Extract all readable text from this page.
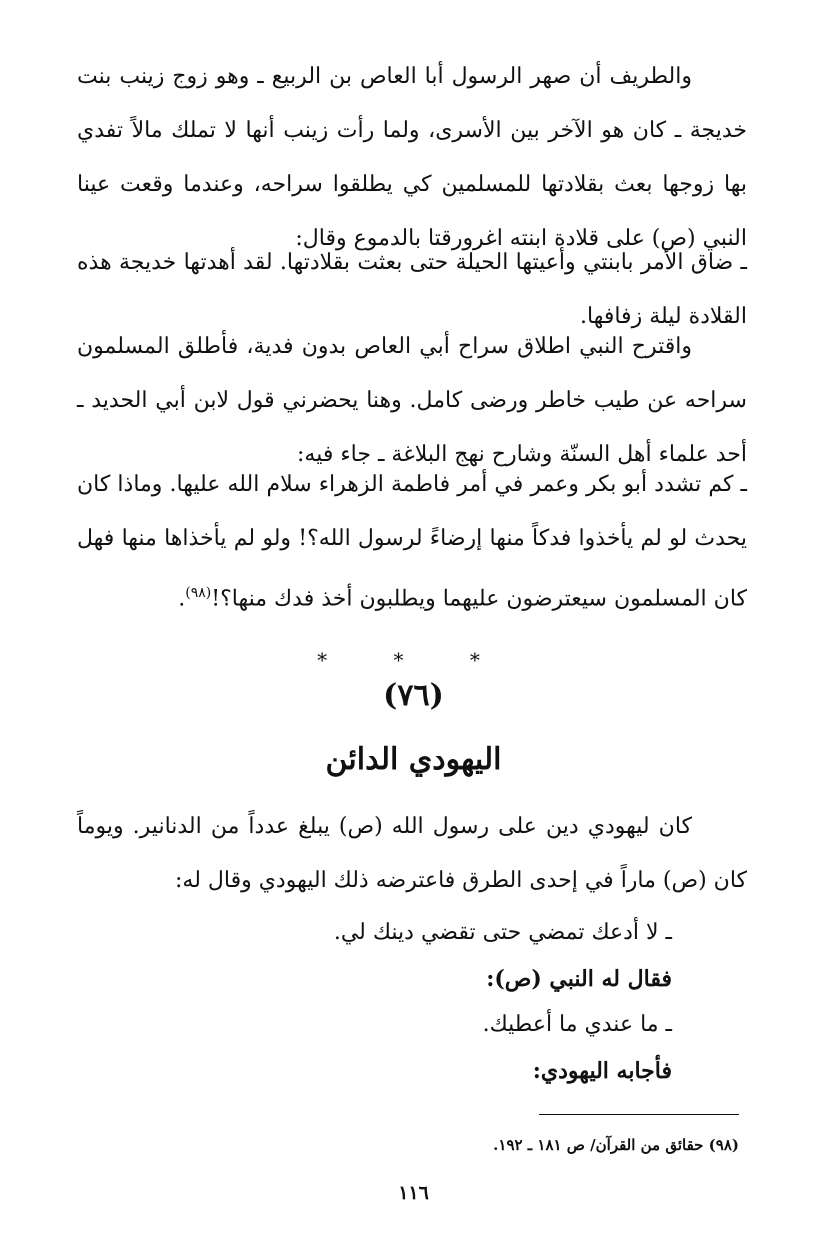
والطريف أن صهر الرسول أبا العاص بن الربيع ـ وهو زوج زينب بنت خديجة ـ كان هو الآخر بين الأسرى، ولما رأت زينب أنها لا تملك مالاً تفدي بها زوجها بعث بقلادتها للمسلمين كي يطلقوا سراحه، وعندما وقعت عينا النبي (ص) على قلادة ابنته اغرورقتا بالدموع وقال:

ـ ضاق الأمر بابنتي وأعيتها الحيلة حتى بعثت بقلادتها. لقد أهدتها خديجة هذه القلادة ليلة زفافها.

واقترح النبي اطلاق سراح أبي العاص بدون فدية، فأطلق المسلمون سراحه عن طيب خاطر ورضى كامل. وهنا يحضرني قول لابن أبي الحديد ـ أحد علماء أهل السنّة وشارح نهج البلاغة ـ جاء فيه:

ـ كم تشدد أبو بكر وعمر في أمر فاطمة الزهراء سلام الله عليها. وماذا كان يحدث لو لم يأخذوا فدكاً منها إرضاءً لرسول الله؟! ولو لم يأخذاها منها فهل كان المسلمون سيعترضون عليهما ويطلبون أخذ فدك منها؟!$^{(٩٨)}$.

* * *
(٧٦)
اليهودي الدائن

كان ليهودي دين على رسول الله (ص) يبلغ عدداً من الدنانير. ويوماً كان (ص) ماراً في إحدى الطرق فاعترضه ذلك اليهودي وقال له:

ـ لا أدعك تمضي حتى تقضي دينك لي.

فقال له النبي (ص):

ـ ما عندي ما أعطيك.

فأجابه اليهودي:

(٩٨) حقائق من القرآن/ ص ١٨١ ـ ١٩٢.
١١٦
